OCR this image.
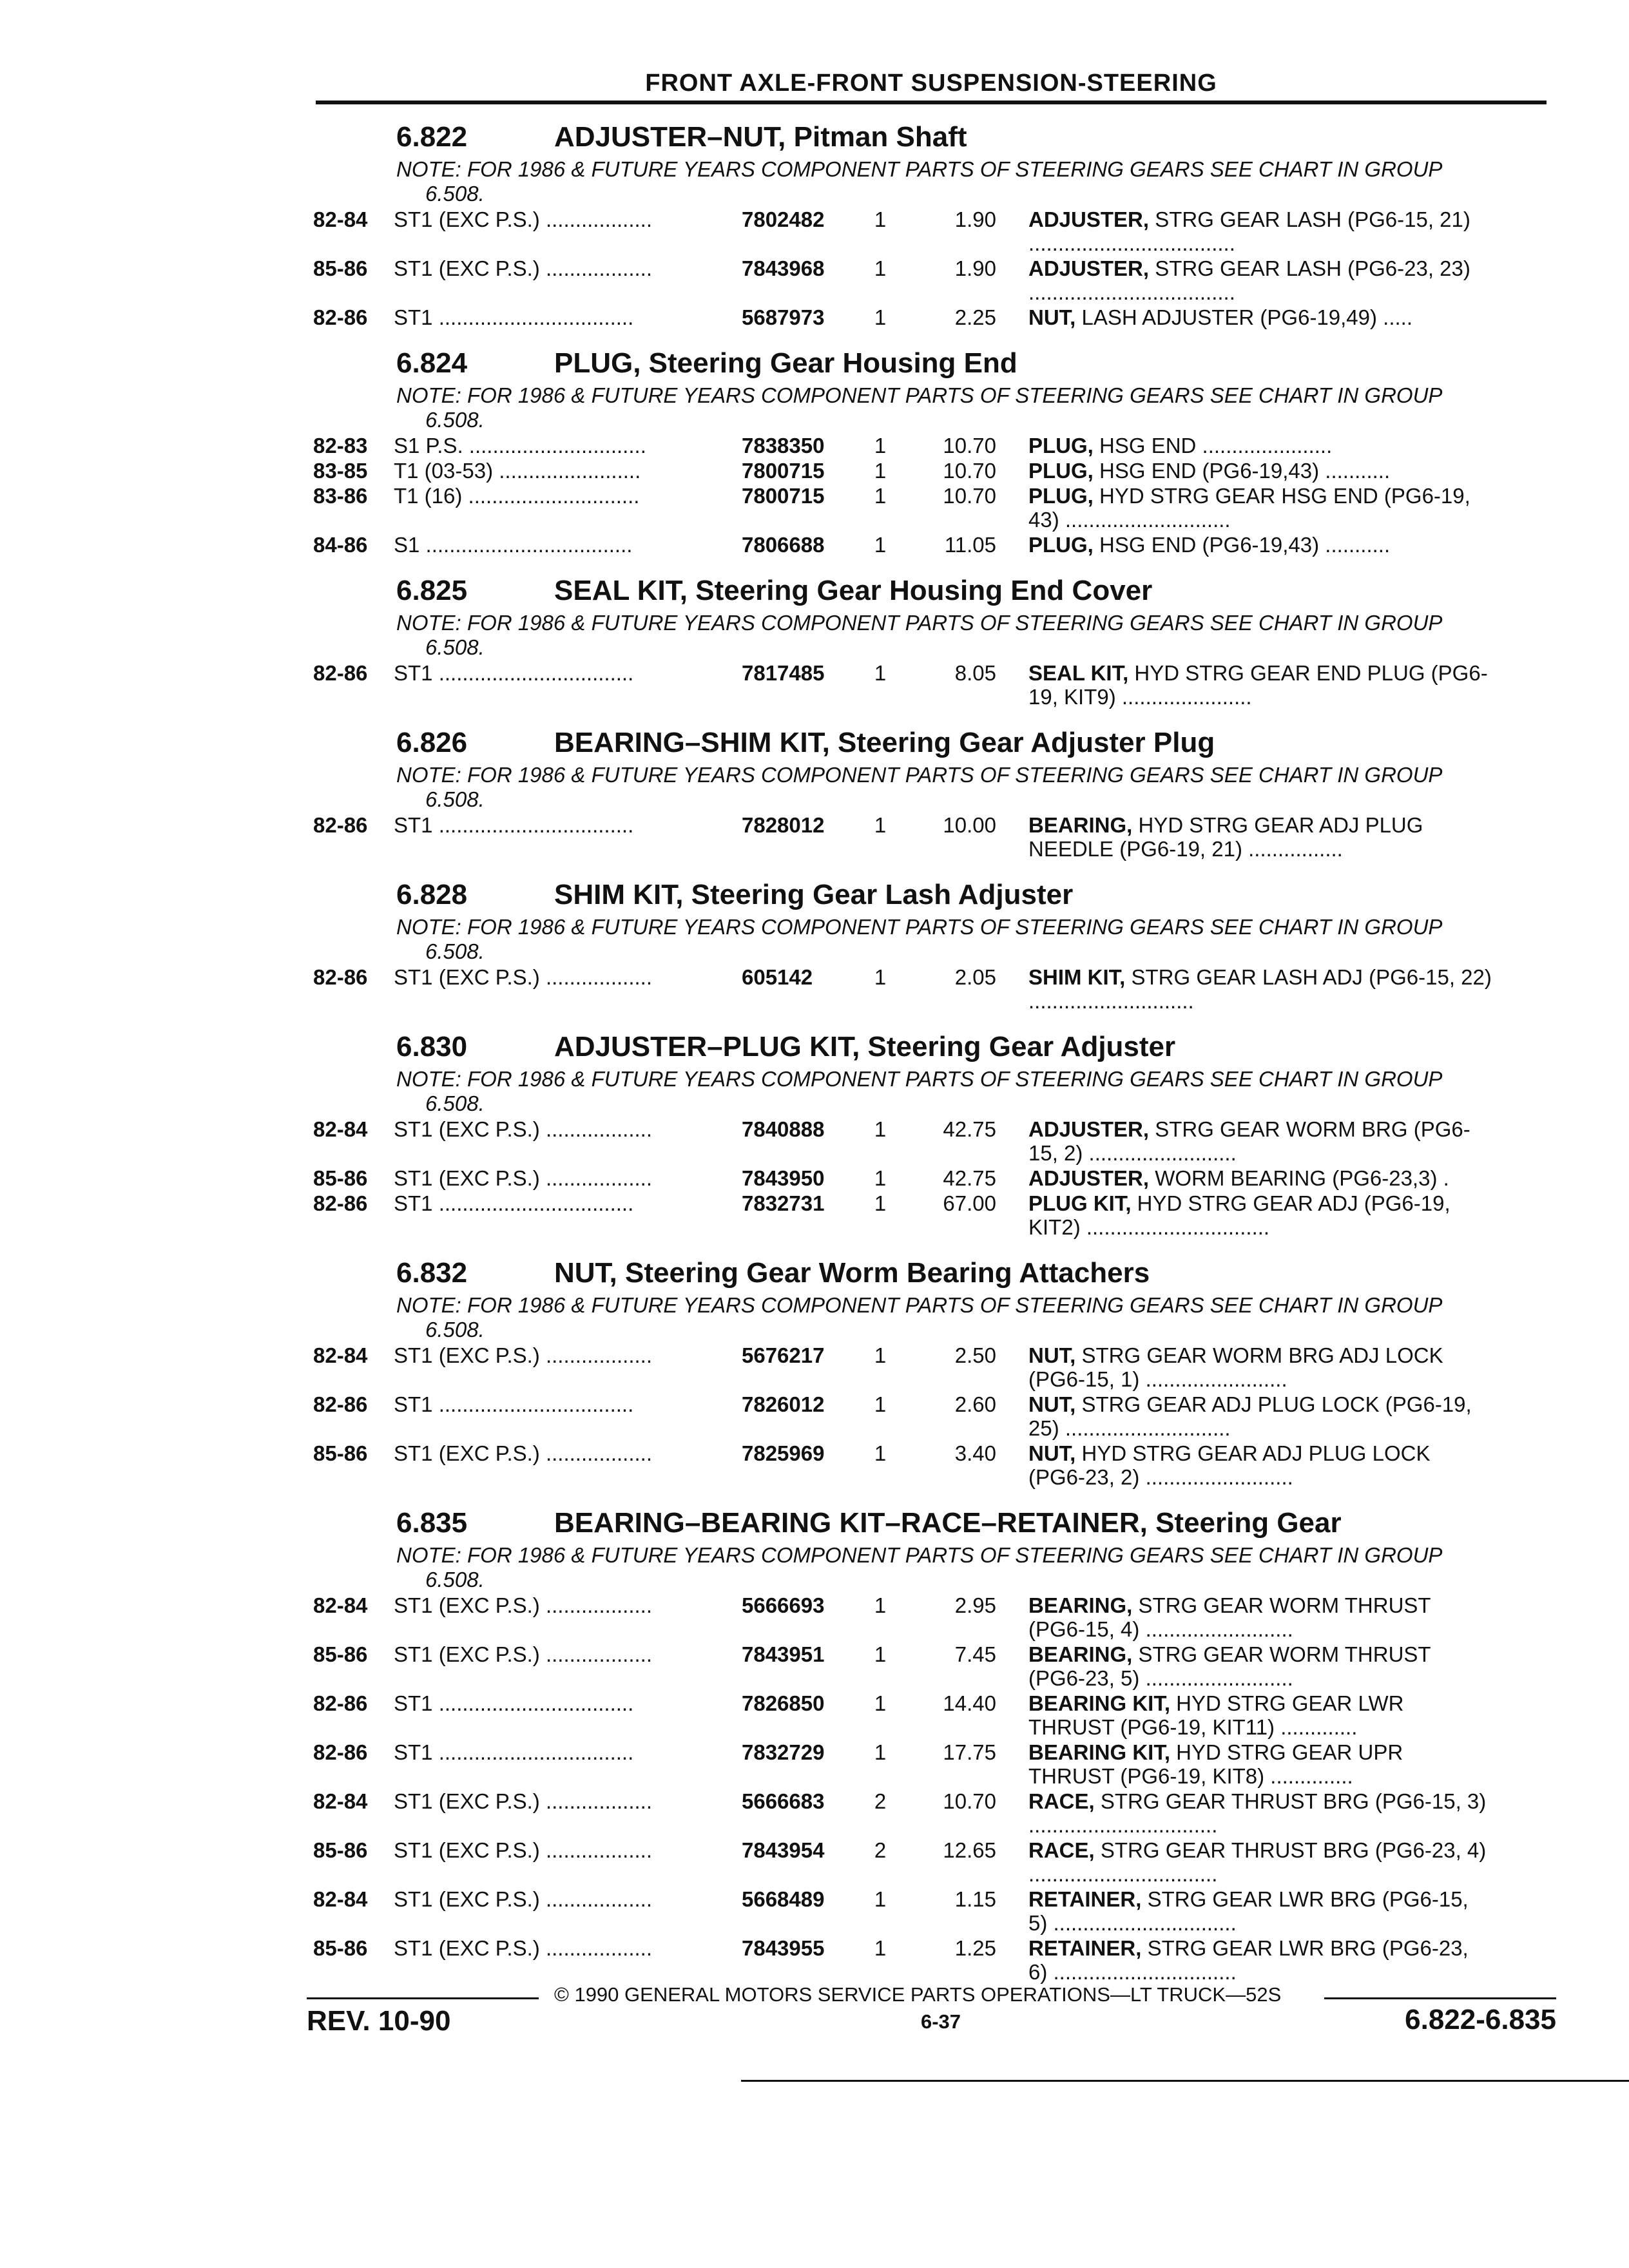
FRONT AXLE-FRONT SUSPENSION-STEERING
6.822	ADJUSTER–NUT, Pitman Shaft
NOTE: FOR 1986 & FUTURE YEARS COMPONENT PARTS OF STEERING GEARS SEE CHART IN GROUP
6.508.
82-84	ST1 (EXC P.S.) ..................	7802482	1	1.90 ADJUSTER, STRG GEAR LASH (PG6-15, 21) ...................................
85-86	ST1 (EXC P.S.) ..................	7843968	1	1.90 ADJUSTER, STRG GEAR LASH (PG6-23, 23) ...................................
82-86	ST1 .................................	5687973	1	2.25 NUT, LASH ADJUSTER (PG6-19,49) .....
6.824	PLUG, Steering Gear Housing End
NOTE: FOR 1986 & FUTURE YEARS COMPONENT PARTS OF STEERING GEARS SEE CHART IN GROUP
6.508.
82-83	S1 P.S. ..............................	7838350	1	10.70 PLUG, HSG END ......................
83-85	T1 (03-53) ........................	7800715	1	10.70 PLUG, HSG END (PG6-19,43) ...........
83-86	T1 (16) .............................	7800715	1	10.70 PLUG, HYD STRG GEAR HSG END (PG6-19, 43) ............................
84-86	S1 ...................................	7806688	1	11.05 PLUG, HSG END (PG6-19,43) ...........
6.825	SEAL KIT, Steering Gear Housing End Cover
NOTE: FOR 1986 & FUTURE YEARS COMPONENT PARTS OF STEERING GEARS SEE CHART IN GROUP
6.508.
82-86	ST1 .................................	7817485	1	8.05 SEAL KIT, HYD STRG GEAR END PLUG (PG6-19, KIT9) ......................
6.826	BEARING–SHIM KIT, Steering Gear Adjuster Plug
NOTE: FOR 1986 & FUTURE YEARS COMPONENT PARTS OF STEERING GEARS SEE CHART IN GROUP
6.508.
82-86	ST1 .................................	7828012	1	10.00 BEARING, HYD STRG GEAR ADJ PLUG NEEDLE (PG6-19, 21) ................
6.828	SHIM KIT, Steering Gear Lash Adjuster
NOTE: FOR 1986 & FUTURE YEARS COMPONENT PARTS OF STEERING GEARS SEE CHART IN GROUP
6.508.
82-86	ST1 (EXC P.S.) ..................	605142	1	2.05 SHIM KIT, STRG GEAR LASH ADJ (PG6-15, 22) ............................
6.830	ADJUSTER–PLUG KIT, Steering Gear Adjuster
NOTE: FOR 1986 & FUTURE YEARS COMPONENT PARTS OF STEERING GEARS SEE CHART IN GROUP
6.508.
82-84	ST1 (EXC P.S.) ..................	7840888	1	42.75 ADJUSTER, STRG GEAR WORM BRG (PG6-15, 2) .........................
85-86	ST1 (EXC P.S.) ..................	7843950	1	42.75 ADJUSTER, WORM BEARING (PG6-23,3) .
82-86	ST1 .................................	7832731	1	67.00 PLUG KIT, HYD STRG GEAR ADJ (PG6-19, KIT2) ...............................
6.832	NUT, Steering Gear Worm Bearing Attachers
NOTE: FOR 1986 & FUTURE YEARS COMPONENT PARTS OF STEERING GEARS SEE CHART IN GROUP
6.508.
82-84	ST1 (EXC P.S.) ..................	5676217	1	2.50 NUT, STRG GEAR WORM BRG ADJ LOCK (PG6-15, 1) ........................
82-86	ST1 .................................	7826012	1	2.60 NUT, STRG GEAR ADJ PLUG LOCK (PG6-19, 25) ............................
85-86	ST1 (EXC P.S.) ..................	7825969	1	3.40 NUT, HYD STRG GEAR ADJ PLUG LOCK (PG6-23, 2) .........................
6.835	BEARING–BEARING KIT–RACE–RETAINER, Steering Gear
NOTE: FOR 1986 & FUTURE YEARS COMPONENT PARTS OF STEERING GEARS SEE CHART IN GROUP
6.508.
82-84	ST1 (EXC P.S.) ..................	5666693	1	2.95 BEARING, STRG GEAR WORM THRUST (PG6-15, 4) .........................
85-86	ST1 (EXC P.S.) ..................	7843951	1	7.45 BEARING, STRG GEAR WORM THRUST (PG6-23, 5) .........................
82-86	ST1 .................................	7826850	1	14.40 BEARING KIT, HYD STRG GEAR LWR THRUST (PG6-19, KIT11) .............
82-86	ST1 .................................	7832729	1	17.75 BEARING KIT, HYD STRG GEAR UPR THRUST (PG6-19, KIT8) ..............
82-84	ST1 (EXC P.S.) ..................	5666683	2	10.70 RACE, STRG GEAR THRUST BRG (PG6-15, 3) ................................
85-86	ST1 (EXC P.S.) ..................	7843954	2	12.65 RACE, STRG GEAR THRUST BRG (PG6-23, 4) ................................
82-84	ST1 (EXC P.S.) ..................	5668489	1	1.15 RETAINER, STRG GEAR LWR BRG (PG6-15, 5) ...............................
85-86	ST1 (EXC P.S.) ..................	7843955	1	1.25 RETAINER, STRG GEAR LWR BRG (PG6-23, 6) ...............................
© 1990 GENERAL MOTORS SERVICE PARTS OPERATIONS—LT TRUCK—52S
REV. 10-90	6-37	6.822-6.835
